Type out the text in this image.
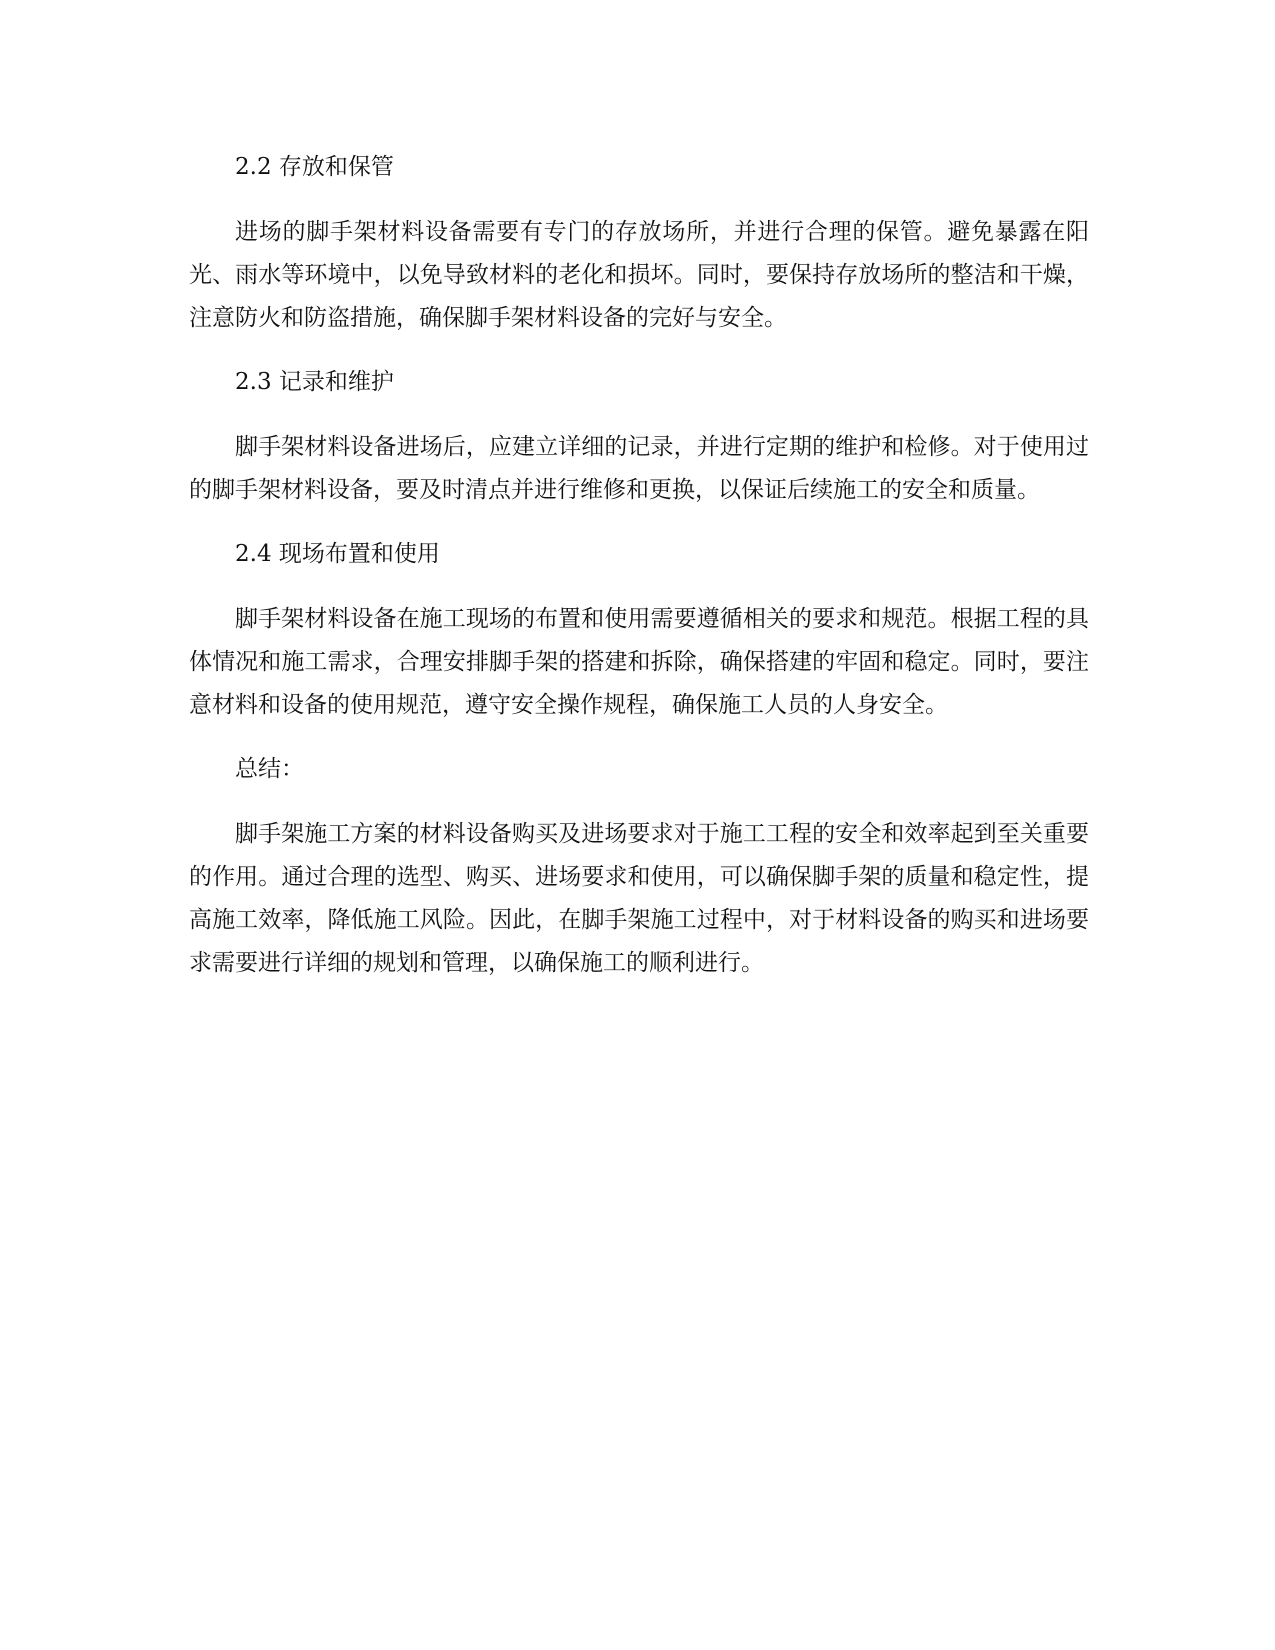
2.2 存放和保管

进场的脚手架材料设备需要有专门的存放场所，并进行合理的保管。避免暴露在阳光、雨水等环境中，以免导致材料的老化和损坏。同时，要保持存放场所的整洁和干燥，注意防火和防盗措施，确保脚手架材料设备的完好与安全。

2.3 记录和维护

脚手架材料设备进场后，应建立详细的记录，并进行定期的维护和检修。对于使用过的脚手架材料设备，要及时清点并进行维修和更换，以保证后续施工的安全和质量。

2.4 现场布置和使用

脚手架材料设备在施工现场的布置和使用需要遵循相关的要求和规范。根据工程的具体情况和施工需求，合理安排脚手架的搭建和拆除，确保搭建的牢固和稳定。同时，要注意材料和设备的使用规范，遵守安全操作规程，确保施工人员的人身安全。

总结：

脚手架施工方案的材料设备购买及进场要求对于施工工程的安全和效率起到至关重要的作用。通过合理的选型、购买、进场要求和使用，可以确保脚手架的质量和稳定性，提高施工效率，降低施工风险。因此，在脚手架施工过程中，对于材料设备的购买和进场要求需要进行详细的规划和管理，以确保施工的顺利进行。
